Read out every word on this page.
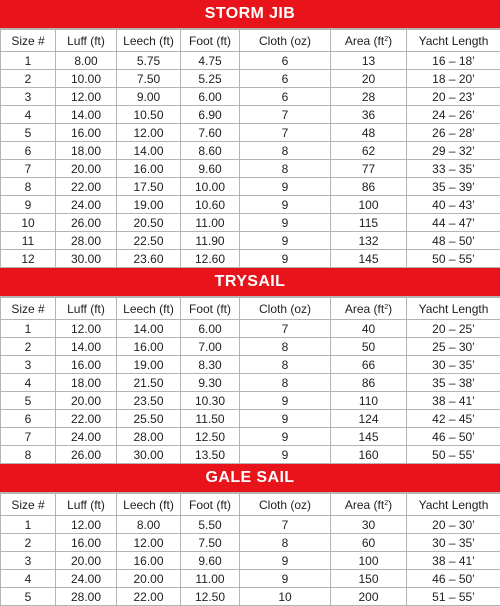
STORM JIB
Size #	Luff (ft)	Leech (ft)	Foot (ft)	Cloth (oz)	Area $(ft^2)$	Yacht Length
1	8.00	5.75	4.75	6	13	16 – 18’
2	10.00	7.50	5.25	6	20	18 – 20’
3	12.00	9.00	6.00	6	28	20 – 23’
4	14.00	10.50	6.90	7	36	24 – 26’
5	16.00	12.00	7.60	7	48	26 – 28’
6	18.00	14.00	8.60	8	62	29 – 32’
7	20.00	16.00	9.60	8	77	33 – 35’
8	22.00	17.50	10.00	9	86	35 – 39’
9	24.00	19.00	10.60	9	100	40 – 43’
10	26.00	20.50	11.00	9	115	44 – 47’
11	28.00	22.50	11.90	9	132	48 – 50’
12	30.00	23.60	12.60	9	145	50 – 55’
TRYSAIL
Size #	Luff (ft)	Leech (ft)	Foot (ft)	Cloth (oz)	Area $(ft^2)$	Yacht Length
1	12.00	14.00	6.00	7	40	20 – 25’
2	14.00	16.00	7.00	8	50	25 – 30’
3	16.00	19.00	8.30	8	66	30 – 35’
4	18.00	21.50	9.30	8	86	35 – 38’
5	20.00	23.50	10.30	9	110	38 – 41’
6	22.00	25.50	11.50	9	124	42 – 45’
7	24.00	28.00	12.50	9	145	46 – 50’
8	26.00	30.00	13.50	9	160	50 – 55’
GALE SAIL
Size #	Luff (ft)	Leech (ft)	Foot (ft)	Cloth (oz)	Area $(ft^2)$	Yacht Length
1	12.00	8.00	5.50	7	30	20 – 30’
2	16.00	12.00	7.50	8	60	30 – 35’
3	20.00	16.00	9.60	9	100	38 – 41’
4	24.00	20.00	11.00	9	150	46 – 50’
5	28.00	22.00	12.50	10	200	51 – 55’
